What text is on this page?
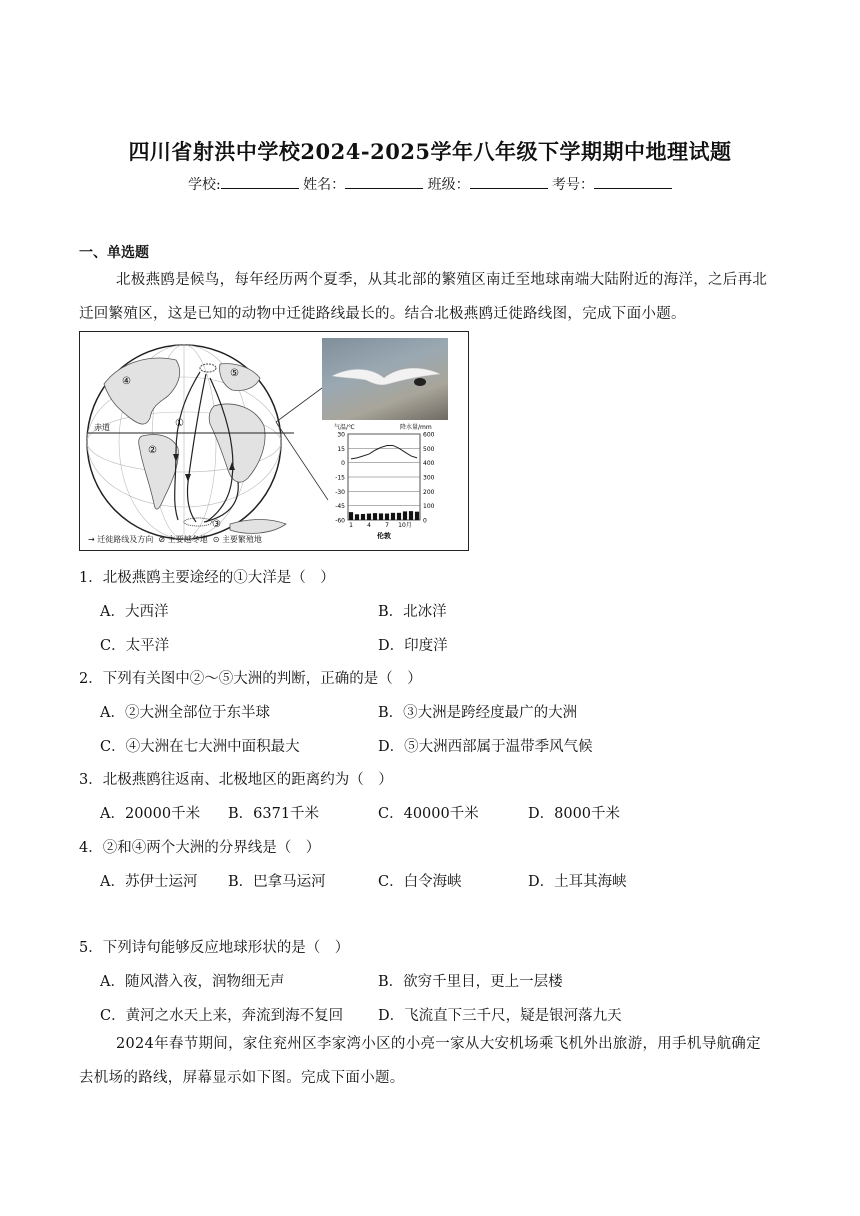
四川省射洪中学校2024-2025学年八年级下学期期中地理试题
学校:	姓名：	班级：	考号：
一、单选题
北极燕鸥是候鸟，每年经历两个夏季，从其北部的繁殖区南迁至地球南端大陆附近的海洋，之后再北
迁回繁殖区，这是已知的动物中迁徙路线最长的。结合北极燕鸥迁徙路线图，完成下面小题。
赤道
④
⑤
①
②
③
30	600
15	500
0	400
-15	300
-30	200
-45	100
-60	0
1 4 7 10月
气温/℃	降水量/mm
伦敦
→ 迁徙路线及方向 ⊘ 主要越冬地 ⊙ 主要繁殖地
1．北极燕鸥主要途经的①大洋是（　）
A．大西洋	B．北冰洋
C．太平洋	D．印度洋
2．下列有关图中②～⑤大洲的判断，正确的是（　）
A．②大洲全部位于东半球	B．③大洲是跨经度最广的大洲
C．④大洲在七大洲中面积最大	D．⑤大洲西部属于温带季风气候
3．北极燕鸥往返南、北极地区的距离约为（　）
A．20000千米 B．6371千米	C．40000千米	D．8000千米
4．②和④两个大洲的分界线是（　）
A．苏伊士运河 B．巴拿马运河	C．白令海峡	D．土耳其海峡
5．下列诗句能够反应地球形状的是（　）
A．随风潜入夜，润物细无声	B．欲穷千里目，更上一层楼
C．黄河之水天上来，奔流到海不复回 D．飞流直下三千尺，疑是银河落九天
2024年春节期间，家住兖州区李家湾小区的小亮一家从大安机场乘飞机外出旅游，用手机导航确定
去机场的路线，屏幕显示如下图。完成下面小题。
